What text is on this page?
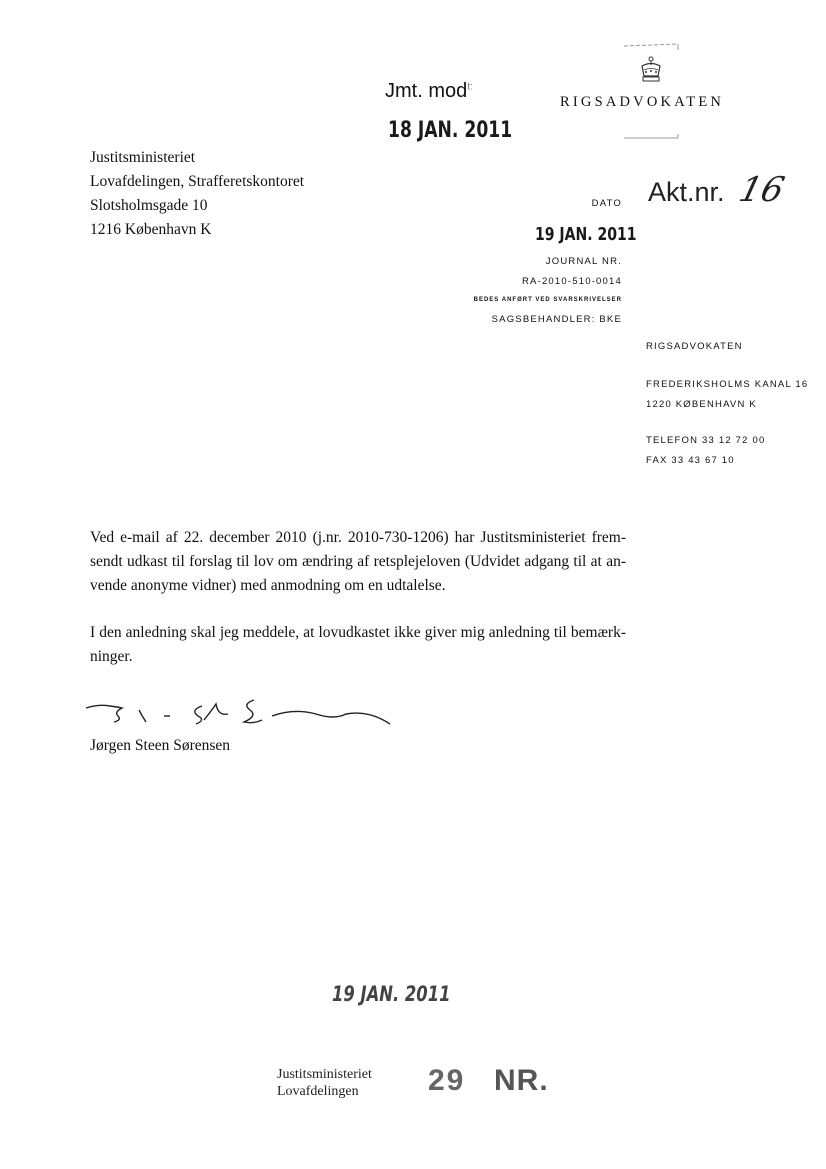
RIGSADVOKATEN
Jmt. mod$^{t:}$
18 JAN. 2011
Justitsministeriet
Lovafdelingen, Strafferetskontoret
Slotsholmsgade 10
1216 København K
Akt.nr. 16
DATO
19 JAN. 2011
JOURNAL NR.
RA-2010-510-0014
BEDES ANFØRT VED SVARSKRIVELSER
SAGSBEHANDLER: BKE
RIGSADVOKATEN
FREDERIKSHOLMS KANAL 16
1220 KØBENHAVN K
TELEFON 33 12 72 00
FAX 33 43 67 10
Ved e-mail af 22. december 2010 (j.nr. 2010-730-1206) har Justitsministeriet frem-
sendt udkast til forslag til lov om ændring af retsplejeloven (Udvidet adgang til at an-
vende anonyme vidner) med anmodning om en udtalelse.
I den anledning skal jeg meddele, at lovudkastet ikke giver mig anledning til bemærk-
ninger.
Jørgen Steen Sørensen
19 JAN. 2011
Justitsministeriet
Lovafdelingen	29 NR.
